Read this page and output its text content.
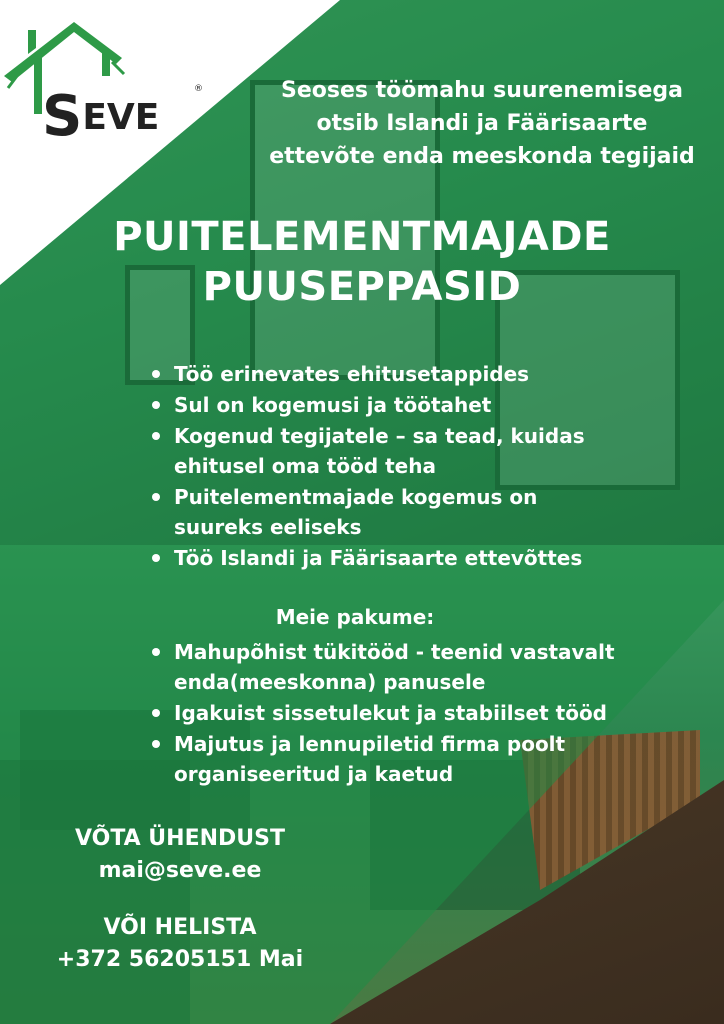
SEVE
®	Seoses töömahu suurenemisega
otsib Islandi ja Fäärisaarte
ettevõte enda meeskonda tegijaid
PUITELEMENTMAJADE
PUUSEPPASID
Töö erinevates ehitusetappides
Sul on kogemusi ja töötahet
Kogenud tegijatele – sa tead, kuidas ehitusel oma tööd teha
Puitelementmajade kogemus on suureks eeliseks
Töö Islandi ja Fäärisaarte ettevõttes
Meie pakume:
Mahupõhist tükitööd - teenid vastavalt enda(meeskonna) panusele
Igakuist sissetulekut ja stabiilset tööd
Majutus ja lennupiletid firma poolt organiseeritud ja kaetud
VÕTA ÜHENDUST
mai@seve.ee
VÕI HELISTA
+372 56205151 Mai
